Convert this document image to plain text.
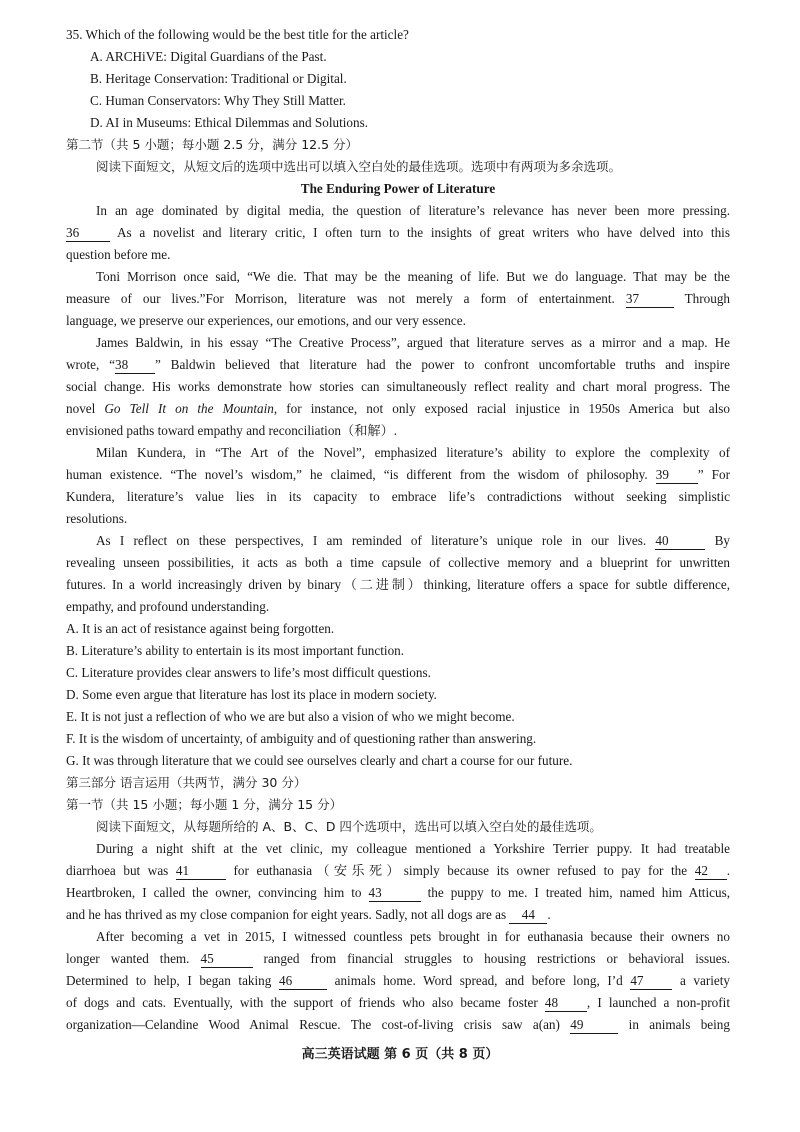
35. Which of the following would be the best title for the article?
A. ARCHiVE: Digital Guardians of the Past.
B. Heritage Conservation: Traditional or Digital.
C. Human Conservators: Why They Still Matter.
D. AI in Museums: Ethical Dilemmas and Solutions.
第二节（共 5 小题；每小题 2.5 分，满分 12.5 分）
阅读下面短文，从短文后的选项中选出可以填入空白处的最佳选项。选项中有两项为多余选项。
The Enduring Power of Literature
In an age dominated by digital media, the question of literature’s relevance has never been more pressing.
36	As a novelist and literary critic, I often turn to the insights of great writers who have delved into this
question before me.
Toni Morrison once said, “We die. That may be the meaning of life. But we do language. That may be the
measure of our lives.”For Morrison, literature was not merely a form of entertainment. 37	Through
language, we preserve our experiences, our emotions, and our very essence.
James Baldwin, in his essay “The Creative Process”, argued that literature serves as a mirror and a map. He
wrote, “38 ” Baldwin believed that literature had the power to confront uncomfortable truths and inspire
social change. His works demonstrate how stories can simultaneously reflect reality and chart moral progress. The
novel Go Tell It on the Mountain, for instance, not only exposed racial injustice in 1950s America but also
envisioned paths toward empathy and reconciliation（和解）.
Milan Kundera, in “The Art of the Novel”, emphasized literature’s ability to explore the complexity of
human existence. “The novel’s wisdom,” he claimed, “is different from the wisdom of philosophy. 39 ” For
Kundera, literature’s value lies in its capacity to embrace life’s contradictions without seeking simplistic
resolutions.
As I reflect on these perspectives, I am reminded of literature’s unique role in our lives. 40	By
revealing unseen possibilities, it acts as both a time capsule of collective memory and a blueprint for unwritten
futures. In a world increasingly driven by binary（二进制）thinking, literature offers a space for subtle difference,
empathy, and profound understanding.
A. It is an act of resistance against being forgotten.
B. Literature’s ability to entertain is its most important function.
C. Literature provides clear answers to life’s most difficult questions.
D. Some even argue that literature has lost its place in modern society.
E. It is not just a reflection of who we are but also a vision of who we might become.
F. It is the wisdom of uncertainty, of ambiguity and of questioning rather than answering.
G. It was through literature that we could see ourselves clearly and chart a course for our future.
第三部分 语言运用（共两节，满分 30 分）
第一节（共 15 小题；每小题 1 分，满分 15 分）
阅读下面短文，从每题所给的 A、B、C、D 四个选项中，选出可以填入空白处的最佳选项。
During a night shift at the vet clinic, my colleague mentioned a Yorkshire Terrier puppy. It had treatable
diarrhoea but was 41	for euthanasia（安乐死）simply because its owner refused to pay for the 42 .
Heartbroken, I called the owner, convincing him to 43	the puppy to me. I treated him, named him Atticus,
and he has thrived as my close companion for eight years. Sadly, not all dogs are as 44 .
After becoming a vet in 2015, I witnessed countless pets brought in for euthanasia because their owners no
longer wanted them. 45	ranged from financial struggles to housing restrictions or behavioral issues.
Determined to help, I began taking 46	animals home. Word spread, and before long, I’d 47	a variety
of dogs and cats. Eventually, with the support of friends who also became foster 48 , I launched a non-profit
organization—Celandine Wood Animal Rescue. The cost-of-living crisis saw a(an) 49	in animals being
高三英语试题 第 6 页（共 8 页）
